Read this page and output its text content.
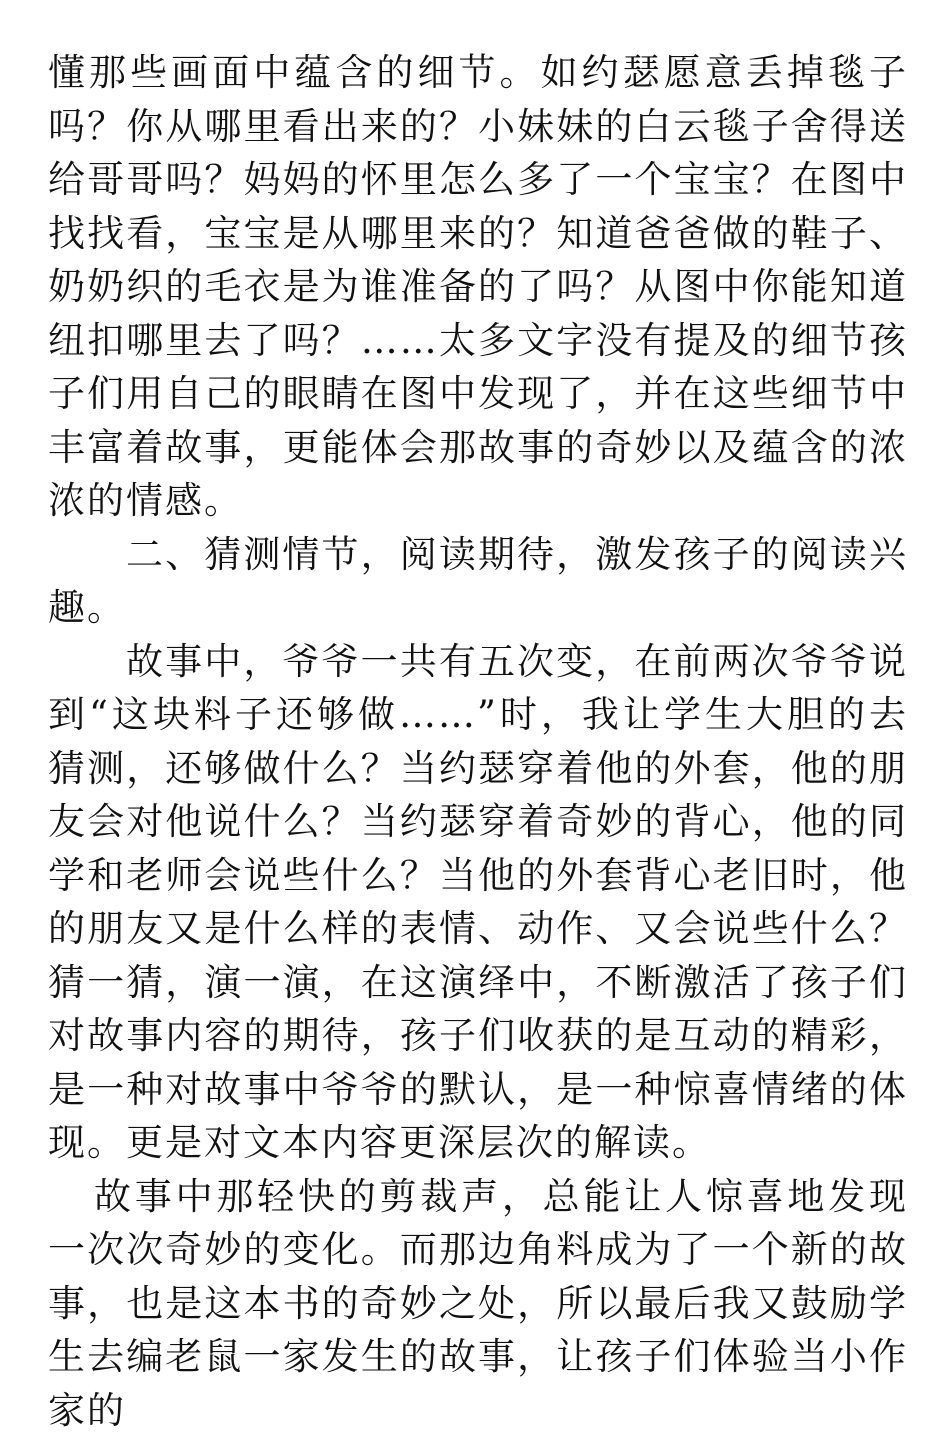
懂那些画面中蕴含的细节。如约瑟愿意丢掉毯子吗？你从哪里看出来的？小妹妹的白云毯子舍得送给哥哥吗？妈妈的怀里怎么多了一个宝宝？在图中找找看，宝宝是从哪里来的？知道爸爸做的鞋子、奶奶织的毛衣是为谁准备的了吗？从图中你能知道纽扣哪里去了吗？……太多文字没有提及的细节孩子们用自己的眼睛在图中发现了，并在这些细节中丰富着故事，更能体会那故事的奇妙以及蕴含的浓浓的情感。

二、猜测情节，阅读期待，激发孩子的阅读兴趣。

故事中，爷爷一共有五次变，在前两次爷爷说到“这块料子还够做……”时，我让学生大胆的去猜测，还够做什么？当约瑟穿着他的外套，他的朋友会对他说什么？当约瑟穿着奇妙的背心，他的同学和老师会说些什么？当他的外套背心老旧时，他的朋友又是什么样的表情、动作、又会说些什么？猜一猜，演一演，在这演绎中，不断激活了孩子们对故事内容的期待，孩子们收获的是互动的精彩，是一种对故事中爷爷的默认，是一种惊喜情绪的体现。更是对文本内容更深层次的解读。

故事中那轻快的剪裁声，总能让人惊喜地发现一次次奇妙的变化。而那边角料成为了一个新的故事，也是这本书的奇妙之处，所以最后我又鼓励学生去编老鼠一家发生的故事，让孩子们体验当小作家的
